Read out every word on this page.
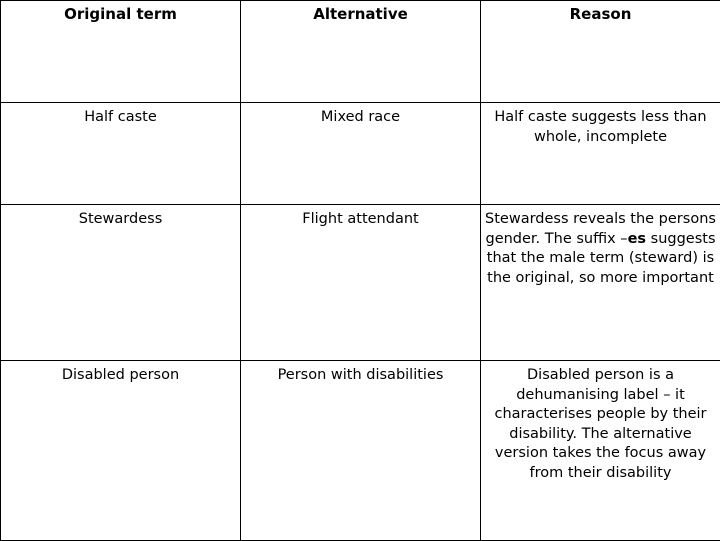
Original term	Alternative	Reason
Half caste	Mixed race	Half caste suggests less than whole, incomplete
Stewardess	Flight attendant	Stewardess reveals the persons gender. The suffix –es suggests that the male term (steward) is the original, so more important
Disabled person	Person with disabilities	Disabled person is a dehumanising label – it characterises people by their disability. The alternative version takes the focus away from their disability
